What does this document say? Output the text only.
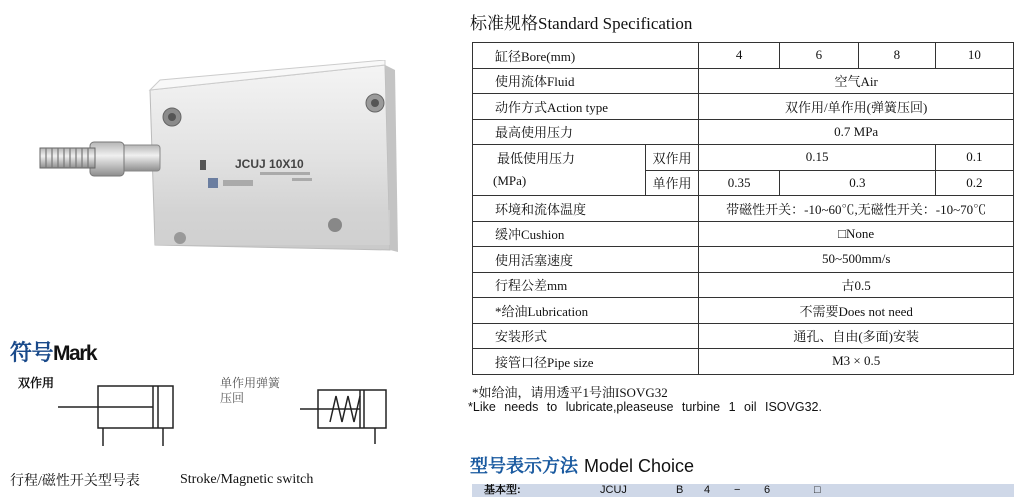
JCUJ 10X10
符号Mark
双作用	单作用弹簧压回
行程/磁性开关型号表	Stroke/Magnetic switch
标准规格Standard Specification
缸径Bore(mm)		4	6	8	10
使用流体Fluid		空气Air			
动作方式Action type		双作用/单作用(弹簧压回)			
最高使用压力		0.7 MPa			
最低使用压力
(MPa)	双作用	0.15			0.1
	单作用	0.35	0.3		0.2
环境和流体温度		带磁性开关：-10~60℃,无磁性开关：-10~70℃			
缓冲Cushion		□None			
使用活塞速度		50~500mm/s			
行程公差mm		古0.5			
*给油Lubrication		不需要Does not need			
安装形式		通孔、自由(多面)安装			
接管口径Pipe size		M3 × 0.5			
*如给油，请用透平1号油ISOVG32
*Like needs to lubricate,pleaseuse turbine 1 oil ISOVG32.
型号表示方法 Model Choice
基本型:	JCUJ	B 4 − 6	□
